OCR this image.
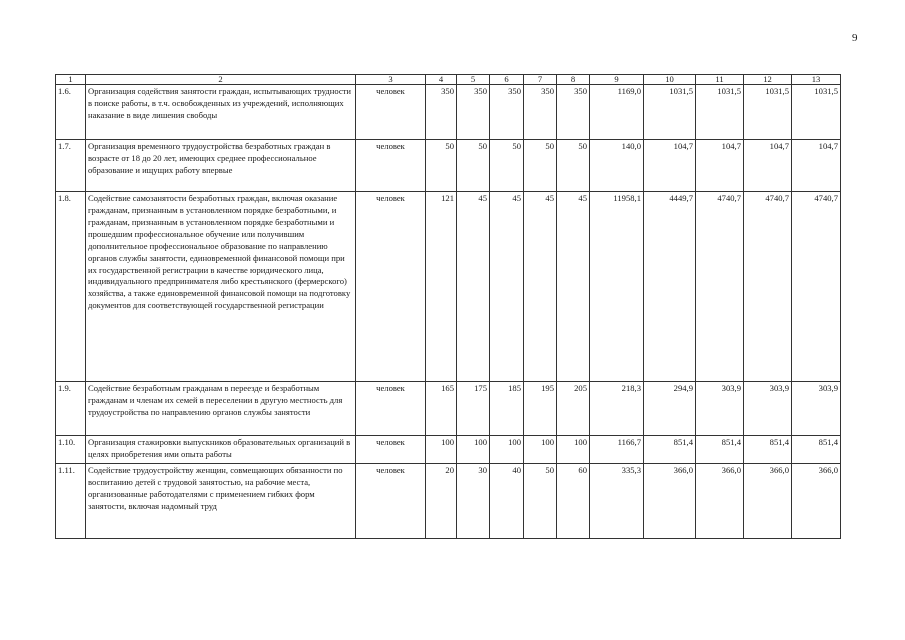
9
1	2	3	4	5	6	7	8	9	10	11	12	13
1.6.	Организация содействия занятости граждан, испытывающих трудности в поиске работы, в т.ч. освобожденных из учреждений, исполняющих наказание в виде лишения свободы	человек	350	350	350	350	350	1169,0	1031,5	1031,5	1031,5	1031,5
1.7.	Организация временного трудоустройства безработных граждан в возрасте от 18 до 20 лет, имеющих среднее профессиональное образование и ищущих работу впервые	человек	50	50	50	50	50	140,0	104,7	104,7	104,7	104,7
1.8.	Содействие самозанятости безработных граждан, включая оказание гражданам, признанным в установленном порядке безработными, и гражданам, признанным в установленном порядке безработными и прошедшим профессиональное обучение или получившим дополнительное профессиональное образование по направлению органов службы занятости, единовременной финансовой помощи при их государственной регистрации в качестве юридического лица, индивидуального предпринимателя либо крестьянского (фермерского) хозяйства, а также единовременной финансовой помощи на подготовку документов для соответствующей государственной регистрации	человек	121	45	45	45	45	11958,1	4449,7	4740,7	4740,7	4740,7
1.9.	Содействие безработным гражданам в переезде и безработным гражданам и членам их семей в переселении в другую местность для трудоустройства по направлению органов службы занятости	человек	165	175	185	195	205	218,3	294,9	303,9	303,9	303,9
1.10.	Организация стажировки выпускников образовательных организаций в целях приобретения ими опыта работы	человек	100	100	100	100	100	1166,7	851,4	851,4	851,4	851,4
1.11.	Содействие трудоустройству женщин, совмещающих обязанности по воспитанию детей с трудовой занятостью, на рабочие места, организованные работодателями с применением гибких форм занятости, включая надомный труд	человек	20	30	40	50	60	335,3	366,0	366,0	366,0	366,0
